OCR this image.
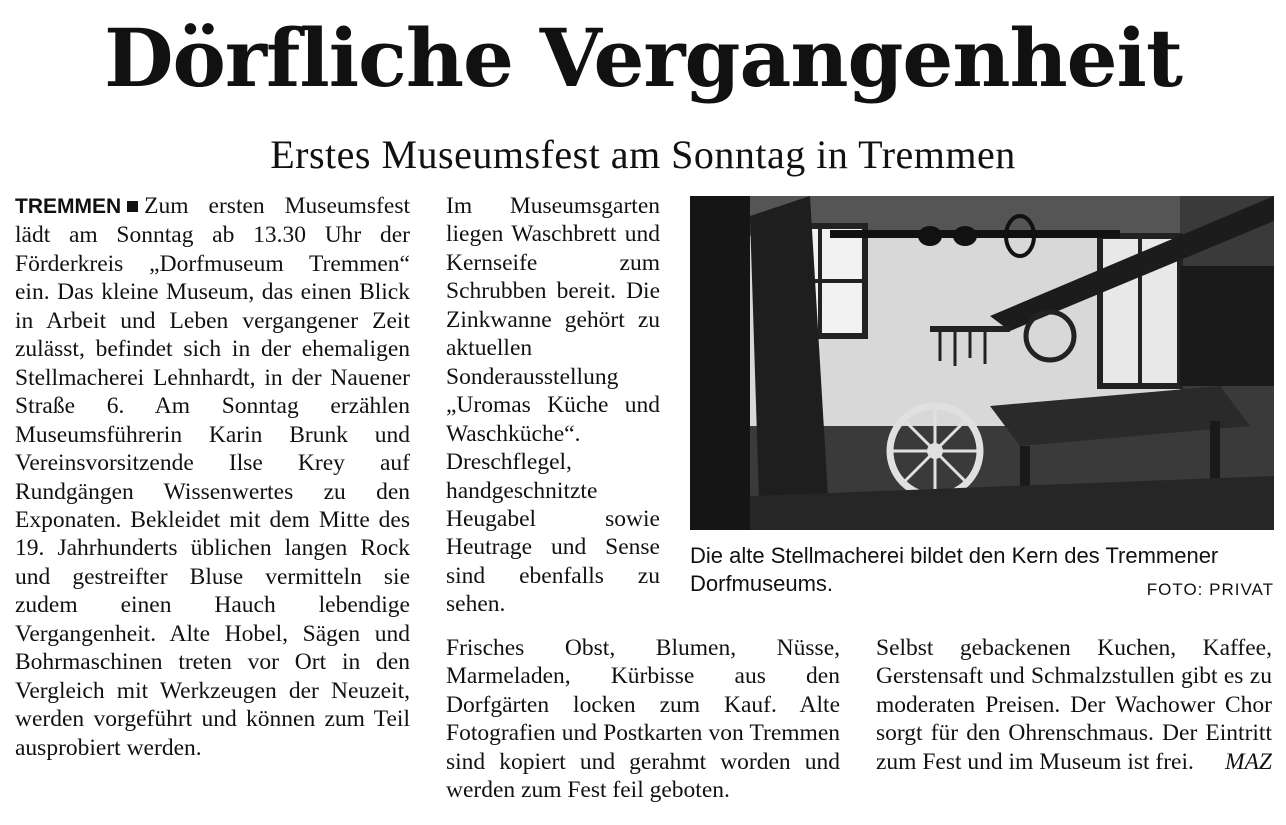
Dörfliche Vergangenheit
Erstes Museumsfest am Sonntag in Tremmen

TREMMEN Zum ersten Museumsfest lädt am Sonntag ab 13.30 Uhr der Förderkreis „Dorfmuseum Tremmen“ ein. Das kleine Museum, das einen Blick in Arbeit und Leben vergangener Zeit zulässt, befindet sich in der ehemaligen Stellmacherei Lehnhardt, in der Nauener Straße 6. Am Sonntag erzählen Museumsführerin Karin Brunk und Vereinsvorsitzende Ilse Krey auf Rundgängen Wissenwertes zu den Exponaten. Bekleidet mit dem Mitte des 19. Jahrhunderts üblichen langen Rock und gestreifter Bluse vermitteln sie zudem einen Hauch lebendige Vergangenheit. Alte Hobel, Sägen und Bohrmaschinen treten vor Ort in den Vergleich mit Werkzeugen der Neuzeit, werden vorgeführt und können zum Teil ausprobiert werden.

Im Museumsgarten liegen Waschbrett und Kernseife zum Schrubben bereit. Die Zinkwanne gehört zu aktuellen Sonderausstellung „Uromas Küche und Waschküche“. Dreschflegel, handgeschnitzte Heugabel sowie Heutrage und Sense sind ebenfalls zu sehen.

Die alte Stellmacherei bildet den Kern des Tremmener Dorfmuseums.	FOTO: PRIVAT

Frisches Obst, Blumen, Nüsse, Marmeladen, Kürbisse aus den Dorfgärten locken zum Kauf. Alte Fotografien und Postkarten von Tremmen sind kopiert und gerahmt worden und werden zum Fest feil geboten.

Selbst gebackenen Kuchen, Kaffee, Gerstensaft und Schmalzstullen gibt es zu moderaten Preisen. Der Wachower Chor sorgt für den Ohrenschmaus. Der Eintritt zum Fest und im Museum ist frei. MAZ
